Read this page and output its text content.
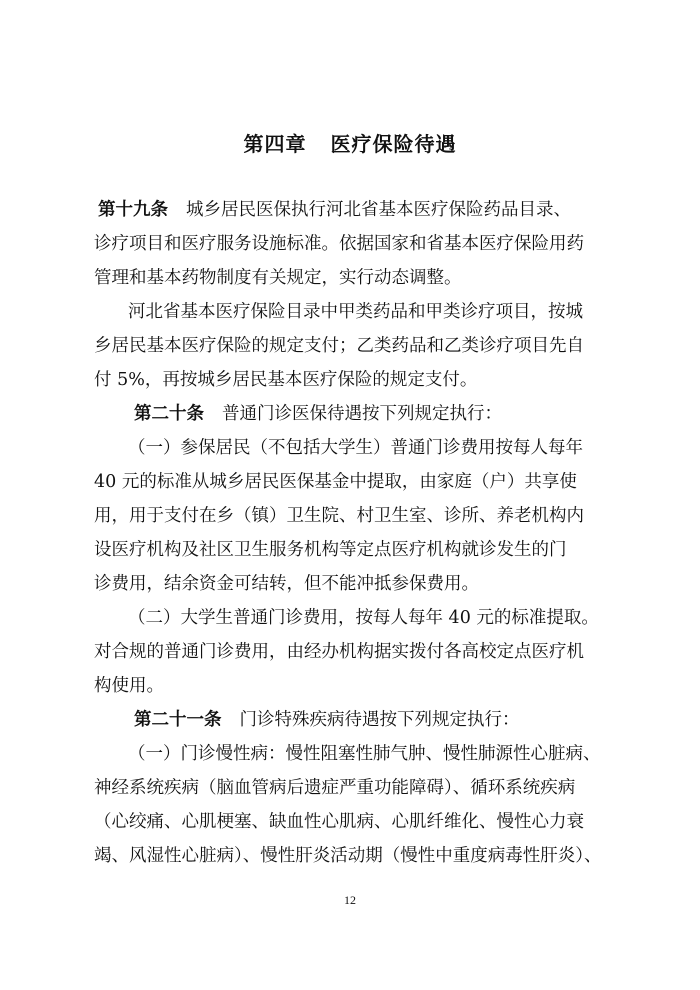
第四章 医疗保险待遇
第十九条 城乡居民医保执行河北省基本医疗保险药品目录、
诊疗项目和医疗服务设施标准。依据国家和省基本医疗保险用药
管理和基本药物制度有关规定，实行动态调整。
河北省基本医疗保险目录中甲类药品和甲类诊疗项目，按城
乡居民基本医疗保险的规定支付；乙类药品和乙类诊疗项目先自
付 5%，再按城乡居民基本医疗保险的规定支付。
第二十条 普通门诊医保待遇按下列规定执行：
（一）参保居民（不包括大学生）普通门诊费用按每人每年
40 元的标准从城乡居民医保基金中提取，由家庭（户）共享使
用，用于支付在乡（镇）卫生院、村卫生室、诊所、养老机构内
设医疗机构及社区卫生服务机构等定点医疗机构就诊发生的门
诊费用，结余资金可结转，但不能冲抵参保费用。
（二）大学生普通门诊费用，按每人每年 40 元的标准提取。
对合规的普通门诊费用，由经办机构据实拨付各高校定点医疗机
构使用。
第二十一条 门诊特殊疾病待遇按下列规定执行：
（一）门诊慢性病：慢性阻塞性肺气肿、慢性肺源性心脏病、
神经系统疾病（脑血管病后遗症严重功能障碍）、循环系统疾病
（心绞痛、心肌梗塞、缺血性心肌病、心肌纤维化、慢性心力衰
竭、风湿性心脏病）、慢性肝炎活动期（慢性中重度病毒性肝炎）、
12
